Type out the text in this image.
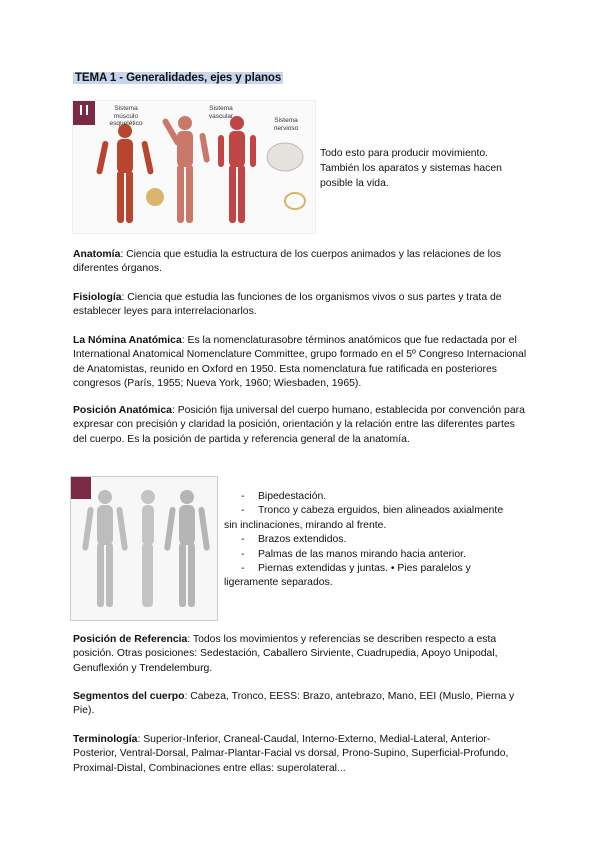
TEMA 1 - Generalidades, ejes y planos
Sistema músculo esquelético
Sistema vascular
Sistema nervioso
Todo esto para producir movimiento. También los aparatos y sistemas hacen posible la vida.
Anatomía: Ciencia que estudia la estructura de los cuerpos animados y las relaciones de los diferentes órganos.
Fisiología: Ciencia que estudia las funciones de los organismos vivos o sus partes y trata de establecer leyes para interrelacionarlos.
La Nómina Anatómica: Es la nomenclaturasobre términos anatómicos que fue redactada por el International Anatomical Nomenclature Committee, grupo formado en el 5º Congreso Internacional de Anatomistas, reunido en Oxford en 1950. Esta nomenclatura fue ratificada en posteriores congresos (París, 1955; Nueva York, 1960; Wiesbaden, 1965).
Posición Anatómica: Posición fija universal del cuerpo humano, establecida por convención para expresar con precisión y claridad la posición, orientación y la relación entre las diferentes partes del cuerpo. Es la posición de partida y referencia general de la anatomía.
- Bipedestación.
- Tronco y cabeza erguidos, bien alineados axialmente
sin inclinaciones, mirando al frente.
- Brazos extendidos.
- Palmas de las manos mirando hacia anterior.
- Piernas extendidas y juntas. • Pies paralelos y
ligeramente separados.
Posición de Referencia: Todos los movimientos y referencias se describen respecto a esta posición. Otras posiciones: Sedestación, Caballero Sirviente, Cuadrupedia, Apoyo Unipodal, Genuflexión y Trendelemburg.
Segmentos del cuerpo: Cabeza, Tronco, EESS: Brazo, antebrazo, Mano, EEI (Muslo, Pierna y Pie).
Terminología: Superior-Inferior, Craneal-Caudal, Interno-Externo, Medial-Lateral, Anterior-Posterior, Ventral-Dorsal, Palmar-Plantar-Facial vs dorsal, Prono-Supino, Superficial-Profundo, Proximal-Distal, Combinaciones entre ellas: superolateral...
